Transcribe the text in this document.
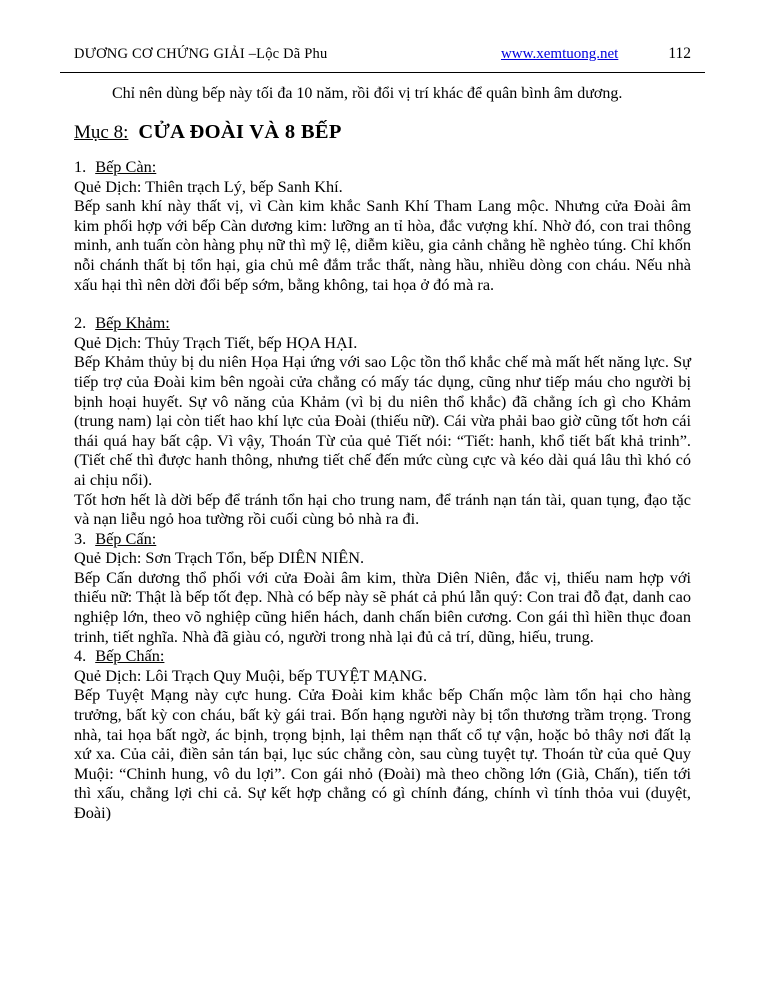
DƯƠNG CƠ CHỨNG GIẢI –Lộc Dã Phu	www.xemtuong.net	112

Chỉ nên dùng bếp này tối đa 10 năm, rồi đổi vị trí khác để quân bình âm dương.

Mục 8: CỬA ĐOÀI VÀ 8 BẾP

1. Bếp Càn:

Quẻ Dịch: Thiên trạch Lý, bếp Sanh Khí.

Bếp sanh khí này thất vị, vì Càn kim khắc Sanh Khí Tham Lang mộc. Nhưng cửa Đoài âm kim phối hợp với bếp Càn dương kim: lưỡng an tỉ hòa, đắc vượng khí. Nhờ đó, con trai thông minh, anh tuấn còn hàng phụ nữ thì mỹ lệ, diễm kiều, gia cảnh chẳng hề nghèo túng. Chỉ khốn nỗi chánh thất bị tổn hại, gia chủ mê đắm trắc thất, nàng hầu, nhiều dòng con cháu. Nếu nhà xấu hại thì nên dời đổi bếp sớm, bằng không, tai họa ở đó mà ra.

2. Bếp Khảm:

Quẻ Dịch: Thủy Trạch Tiết, bếp HỌA HẠI.

Bếp Khảm thủy bị du niên Họa Hại ứng với sao Lộc tồn thổ khắc chế mà mất hết năng lực. Sự tiếp trợ của Đoài kim bên ngoài cửa chẳng có mấy tác dụng, cũng như tiếp máu cho người bị bịnh hoại huyết. Sự vô năng của Khảm (vì bị du niên thổ khắc) đã chẳng ích gì cho Khảm (trung nam) lại còn tiết hao khí lực của Đoài (thiếu nữ). Cái vừa phải bao giờ cũng tốt hơn cái thái quá hay bất cập. Vì vậy, Thoán Từ của quẻ Tiết nói: “Tiết: hanh, khổ tiết bất khả trinh”. (Tiết chế thì được hanh thông, nhưng tiết chế đến mức cùng cực và kéo dài quá lâu thì khó có ai chịu nổi).

Tốt hơn hết là dời bếp để tránh tổn hại cho trung nam, để tránh nạn tán tài, quan tụng, đạo tặc và nạn liễu ngỏ hoa tường rồi cuối cùng bỏ nhà ra đi.

3. Bếp Cấn:

Quẻ Dịch: Sơn Trạch Tổn, bếp DIÊN NIÊN.

Bếp Cấn dương thổ phối với cửa Đoài âm kim, thừa Diên Niên, đắc vị, thiếu nam hợp với thiếu nữ: Thật là bếp tốt đẹp. Nhà có bếp này sẽ phát cả phú lẫn quý: Con trai đỗ đạt, danh cao nghiệp lớn, theo võ nghiệp cũng hiển hách, danh chấn biên cương. Con gái thì hiền thục đoan trinh, tiết nghĩa. Nhà đã giàu có, người trong nhà lại đủ cả trí, dũng, hiếu, trung.

4. Bếp Chấn:

Quẻ Dịch: Lôi Trạch Quy Muội, bếp TUYỆT MẠNG.

Bếp Tuyệt Mạng này cực hung. Cửa Đoài kim khắc bếp Chấn mộc làm tổn hại cho hàng trưởng, bất kỳ con cháu, bất kỳ gái trai. Bốn hạng người này bị tổn thương trầm trọng. Trong nhà, tai họa bất ngờ, ác bịnh, trọng bịnh, lại thêm nạn thất cổ tự vận, hoặc bỏ thây nơi đất lạ xứ xa. Của cải, điền sản tán bại, lục súc chẳng còn, sau cùng tuyệt tự. Thoán từ của quẻ Quy Muội: “Chinh hung, vô du lợi”. Con gái nhỏ (Đoài) mà theo chồng lớn (Già, Chấn), tiến tới thì xấu, chẳng lợi chi cả. Sự kết hợp chẳng có gì chính đáng, chính vì tính thỏa vui (duyệt, Đoài)
